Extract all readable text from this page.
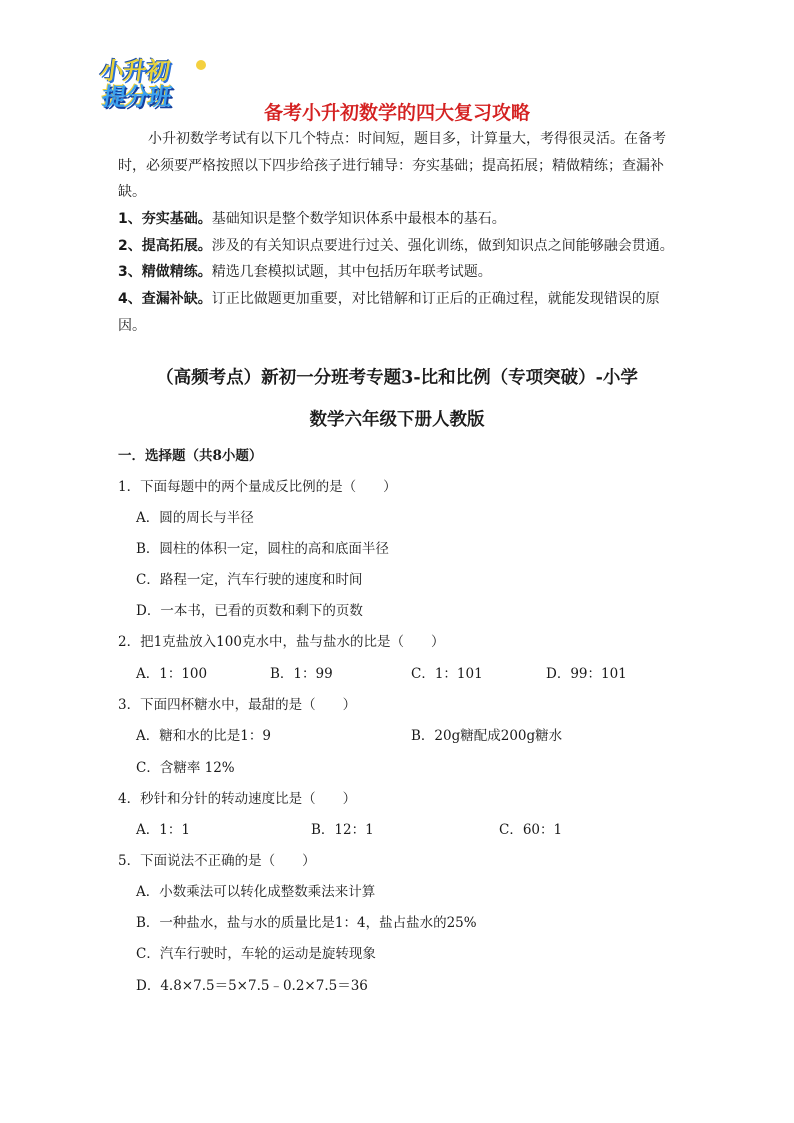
小升初
提分班
备考小升初数学的四大复习攻略

小升初数学考试有以下几个特点：时间短，题目多，计算量大，考得很灵活。在备考时，必须要严格按照以下四步给孩子进行辅导：夯实基础；提高拓展；精做精练；查漏补缺。

1、夯实基础。基础知识是整个数学知识体系中最根本的基石。

2、提高拓展。涉及的有关知识点要进行过关、强化训练，做到知识点之间能够融会贯通。

3、精做精练。精选几套模拟试题，其中包括历年联考试题。

4、查漏补缺。订正比做题更加重要，对比错解和订正后的正确过程，就能发现错误的原因。

（高频考点）新初一分班考专题3-比和比例（专项突破）-小学
数学六年级下册人教版

一．选择题（共8小题）

1．下面每题中的两个量成反比例的是（　　）

A．圆的周长与半径

B．圆柱的体积一定，圆柱的高和底面半径

C．路程一定，汽车行驶的速度和时间

D．一本书，已看的页数和剩下的页数

2．把1克盐放入100克水中，盐与盐水的比是（　　）

A．1：100	B．1：99	C．1：101	D．99：101

3．下面四杯糖水中，最甜的是（　　）

A．糖和水的比是1：9	B．20g糖配成200g糖水

C．含糖率 12%

4．秒针和分针的转动速度比是（　　）

A．1：1	B．12：1	C．60：1

5．下面说法不正确的是（　　）

A．小数乘法可以转化成整数乘法来计算

B．一种盐水，盐与水的质量比是1：4，盐占盐水的25%

C．汽车行驶时，车轮的运动是旋转现象

D．4.8×7.5＝5×7.5﹣0.2×7.5＝36
